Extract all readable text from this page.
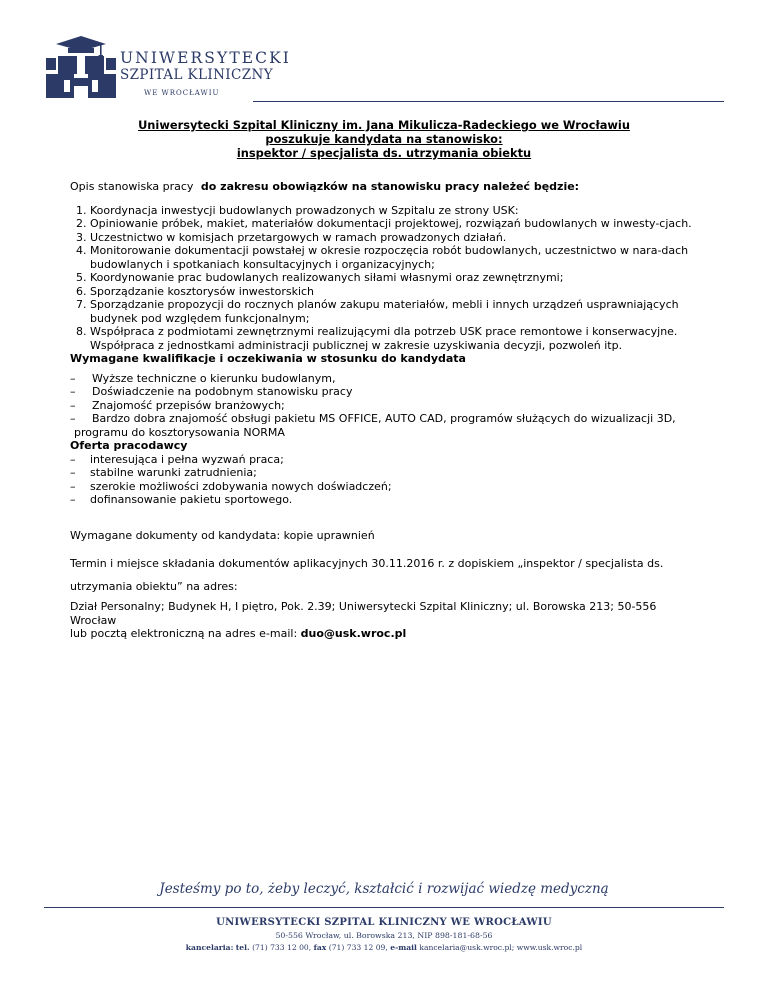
UNIWERSYTECKI
SZPITAL KLINICZNY
WE WROCŁAWIU
Uniwersytecki Szpital Kliniczny im. Jana Mikulicza-Radeckiego we Wrocławiu
poszukuje kandydata na stanowisko:
inspektor / specjalista ds. utrzymania obiektu

Opis stanowiska pracy do zakresu obowiązków na stanowisku pracy należeć będzie:

1. Koordynacja inwestycji budowlanych prowadzonych w Szpitalu ze strony USK:
2. Opiniowanie próbek, makiet, materiałów dokumentacji projektowej, rozwiązań budowlanych w inwesty-cjach.
3. Uczestnictwo w komisjach przetargowych w ramach prowadzonych działań.
4. Monitorowanie dokumentacji powstałej w okresie rozpoczęcia robót budowlanych, uczestnictwo w nara-dach budowlanych i spotkaniach konsultacyjnych i organizacyjnych;
5. Koordynowanie prac budowlanych realizowanych siłami własnymi oraz zewnętrznymi;
6. Sporządzanie kosztorysów inwestorskich
7. Sporządzanie propozycji do rocznych planów zakupu materiałów, mebli i innych urządzeń usprawniających budynek pod względem funkcjonalnym;
8. Współpraca z podmiotami zewnętrznymi realizującymi dla potrzeb USK prace remontowe i konserwacyjne.
Współpraca z jednostkami administracji publicznej w zakresie uzyskiwania decyzji, pozwoleń itp.

Wymagane kwalifikacje i oczekiwania w stosunku do kandydata

– Wyższe techniczne o kierunku budowlanym,
– Doświadczenie na podobnym stanowisku pracy
– Znajomość przepisów branżowych;
– Bardzo dobra znajomość obsługi pakietu MS OFFICE, AUTO CAD, programów służących do wizualizacji 3D,
programu do kosztorysowania NORMA

Oferta pracodawcy

– interesująca i pełna wyzwań praca;
– stabilne warunki zatrudnienia;
– szerokie możliwości zdobywania nowych doświadczeń;
– dofinansowanie pakietu sportowego.

Wymagane dokumenty od kandydata: kopie uprawnień

Termin i miejsce składania dokumentów aplikacyjnych 30.11.2016 r. z dopiskiem „inspektor / specjalista ds.
utrzymania obiektu” na adres:
Dział Personalny; Budynek H, I piętro, Pok. 2.39; Uniwersytecki Szpital Kliniczny; ul. Borowska 213; 50-556
Wrocław
lub pocztą elektroniczną na adres e-mail: duo@usk.wroc.pl
Jesteśmy po to, żeby leczyć, kształcić i rozwijać wiedzę medyczną
UNIWERSYTECKI SZPITAL KLINICZNY WE WROCŁAWIU
50-556 Wrocław, ul. Borowska 213, NIP 898-181-68-56
kancelaria: tel. (71) 733 12 00, fax (71) 733 12 09, e-mail kancelaria@usk.wroc.pl; www.usk.wroc.pl
